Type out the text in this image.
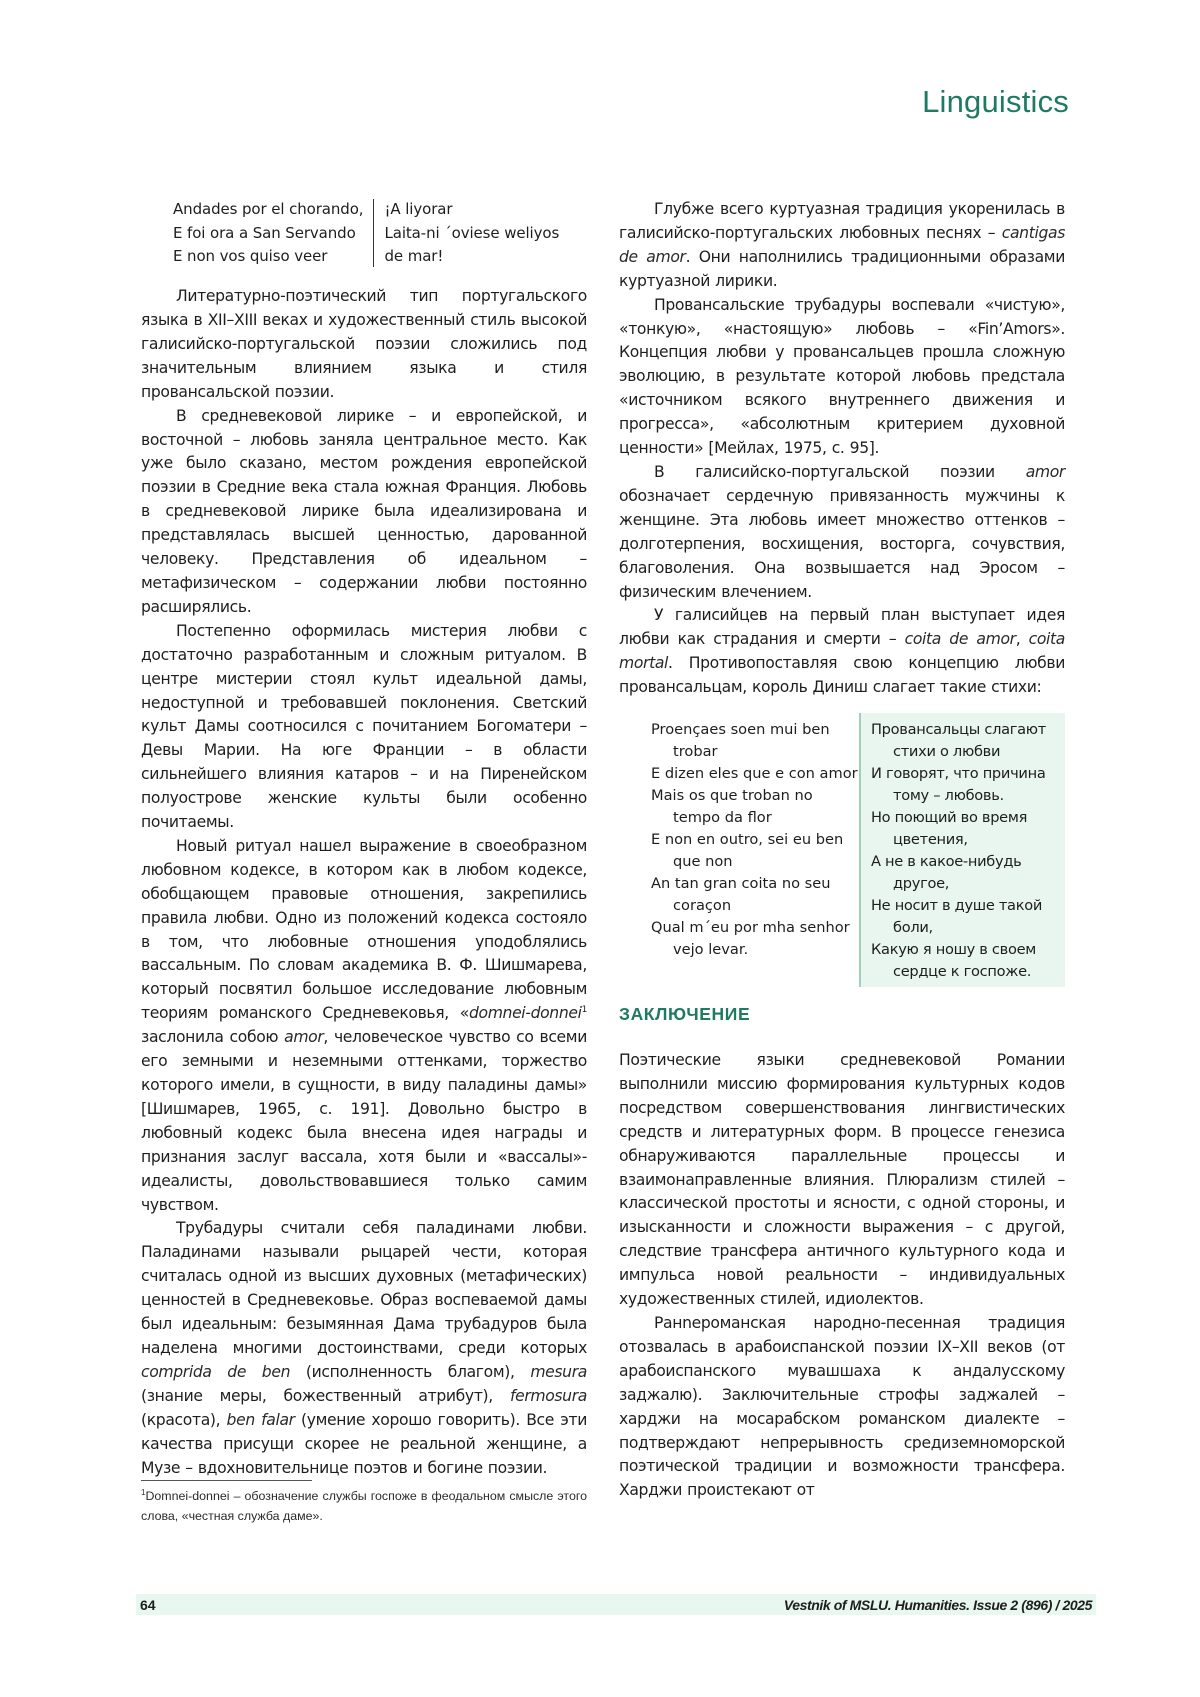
Linguistics
Andades por el chorando,
E foi ora a San Servando
E non vos quiso veer
¡A liyorar
Laita-ni ´oviese weliyos
de mar!

Литературно-поэтический тип португальского языка в XII–XIII веках и художественный стиль высокой галисийско-португальской поэзии сложились под значительным влиянием языка и стиля провансальской поэзии.

В средневековой лирике – и европейской, и восточной – любовь заняла центральное место. Как уже было сказано, местом рождения европейской поэзии в Средние века стала южная Франция. Любовь в средневековой лирике была идеализирована и представлялась высшей ценностью, дарованной человеку. Представления об идеальном – метафизическом – содержании любви постоянно расширялись.

Постепенно оформилась мистерия любви с достаточно разработанным и сложным ритуалом. В центре мистерии стоял культ идеальной дамы, недоступной и требовавшей поклонения. Светский культ Дамы соотносился с почитанием Богоматери – Девы Марии. На юге Франции – в области сильнейшего влияния катаров – и на Пиренейском полуострове женские культы были особенно почитаемы.

Новый ритуал нашел выражение в своеобразном любовном кодексе, в котором как в любом кодексе, обобщающем правовые отношения, закрепились правила любви. Одно из положений кодекса состояло в том, что любовные отношения уподоблялись вассальным. По словам академика В. Ф. Шишмарева, который посвятил большое исследование любовным теориям романского Средневековья, «domnei-donnei$^1$ заслонила собою amor, человеческое чувство со всеми его земными и неземными оттенками, торжество которого имели, в сущности, в виду паладины дамы» [Шишмарев, 1965, с. 191]. Довольно быстро в любовный кодекс была внесена идея награды и признания заслуг вассала, хотя были и «вассалы»-идеалисты, довольствовавшиеся только самим чувством.

Трубадуры считали себя паладинами любви. Паладинами называли рыцарей чести, которая считалась одной из высших духовных (метафических) ценностей в Средневековье. Образ воспеваемой дамы был идеальным: безымянная Дама трубадуров была наделена многими достоинствами, среди которых comprida de ben (исполненность благом), mesura (знание меры, божественный атрибут), fermosura (красота), ben falar (умение хорошо говорить). Все эти качества присущи скорее не реальной женщине, а Музе – вдохновительнице поэтов и богине поэзии.

$^1$Domnei-donnei – обозначение службы госпоже в феодальном смысле этого слова, «честная служба даме».

Глубже всего куртуазная традиция укоренилась в галисийско-португальских любовных песнях – cantigas de amor. Они наполнились традиционными образами куртуазной лирики.

Провансальские трубадуры воспевали «чистую», «тонкую», «настоящую» любовь – «Fin’Amors». Концепция любви у провансальцев прошла сложную эволюцию, в результате которой любовь предстала «источником всякого внутреннего движения и прогресса», «абсолютным критерием духовной ценности» [Мейлах, 1975, с. 95].

В галисийско-португальской поэзии amor обозначает сердечную привязанность мужчины к женщине. Эта любовь имеет множество оттенков – долготерпения, восхищения, восторга, сочувствия, благоволения. Она возвышается над Эросом – физическим влечением.

У галисийцев на первый план выступает идея любви как страдания и смерти – coita de amor, coita mortal. Противопоставляя свою концепцию любви провансальцам, король Диниш слагает такие стихи:

Proençaes soen mui ben trobar
E dizen eles que e con amor
Mais os que troban no tempo da flor
E non en outro, sei eu ben que non
An tan gran coita no seu coraçon
Qual m´eu por mha senhor vejo levar.
Провансальцы слагают стихи о любви
И говорят, что причина тому – любовь.
Но поющий во время цветения,
А не в какое-нибудь другое,
Не носит в душе такой боли,
Какую я ношу в своем сердце к госпоже.
ЗАКЛЮЧЕНИЕ

Поэтические языки средневековой Романии выполнили миссию формирования культурных кодов посредством совершенствования лингвистических средств и литературных форм. В процессе генезиса обнаруживаются параллельные процессы и взаимонаправленные влияния. Плюрализм стилей – классической простоты и ясности, с одной стороны, и изысканности и сложности выражения – с другой, следствие трансфера античного культурного кода и импульса новой реальности – индивидуальных художественных стилей, идиолектов.

Ранneроманская народно-песенная традиция отозвалась в арабоиспанской поэзии IX–XII веков (от арабоиспанского мувашшаха к андалусскому заджалю). Заключительные строфы заджалей – харджи на мосарабском романском диалекте – подтверждают непрерывность средиземноморской поэтической традиции и возможности трансфера. Харджи проистекают от

64	Vestnik of MSLU. Humanities. Issue 2 (896) / 2025
